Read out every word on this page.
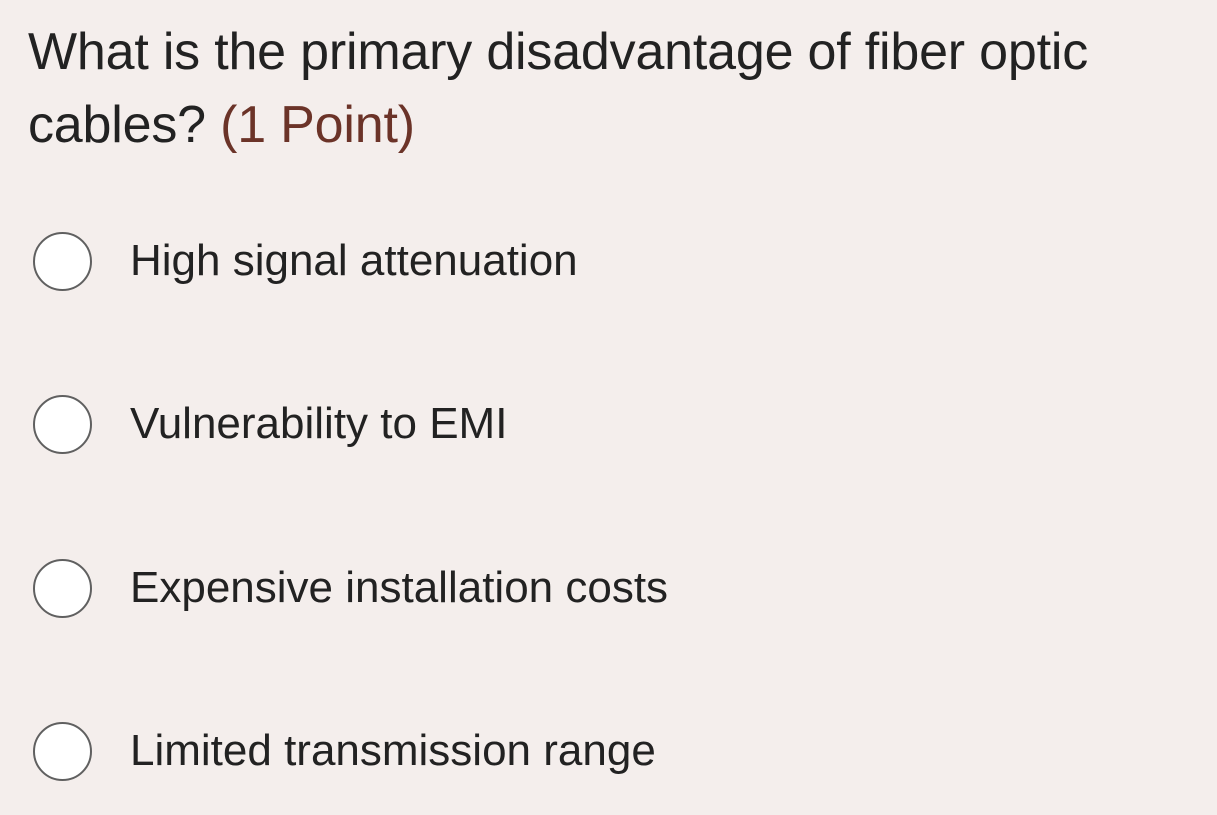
What is the primary disadvantage of fiber optic cables? (1 Point)
High signal attenuation
Vulnerability to EMI
Expensive installation costs
Limited transmission range
